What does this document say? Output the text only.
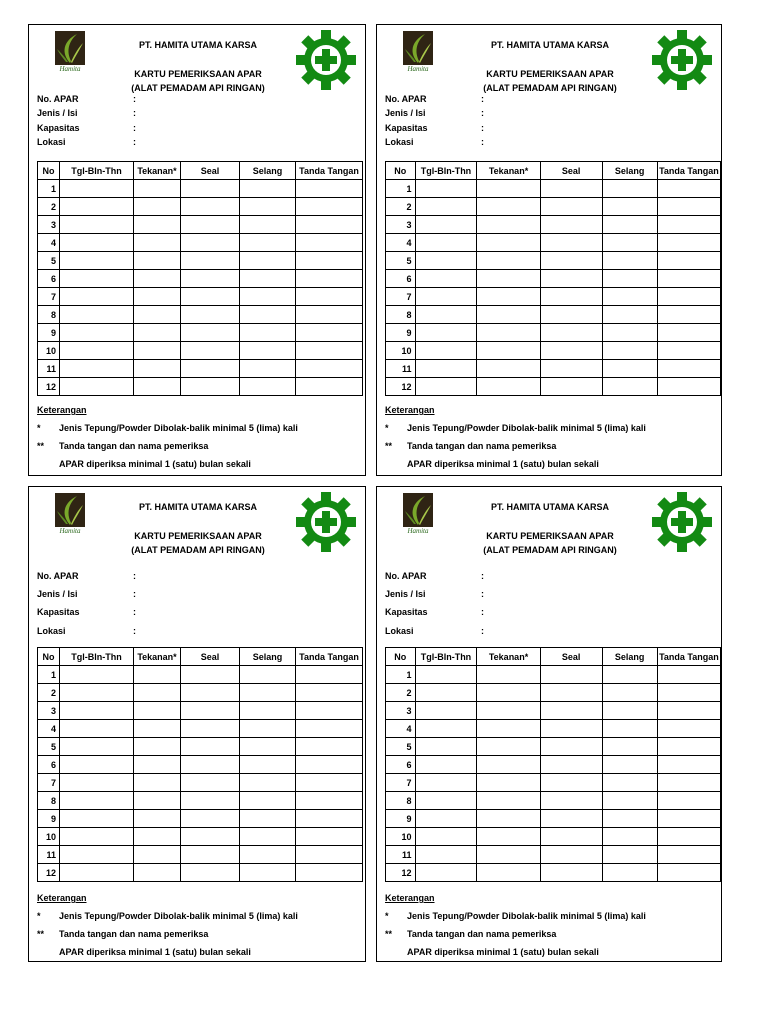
Hamita
PT. HAMITA UTAMA KARSA
KARTU PEMERIKSAAN APAR
(ALAT PEMADAM API RINGAN)
No. APAR	:
Jenis / Isi	:
Kapasitas	:
Lokasi	:
No	Tgl-Bln-Thn	Tekanan*	Seal	Selang	Tanda Tangan
1					
2					
3					
4					
5					
6					
7					
8					
9					
10					
11					
12					
Keterangan
* Jenis Tepung/Powder Dibolak-balik minimal 5 (lima) kali
** Tanda tangan dan nama pemeriksa
APAR diperiksa minimal 1 (satu) bulan sekali
Hamita
PT. HAMITA UTAMA KARSA
KARTU PEMERIKSAAN APAR
(ALAT PEMADAM API RINGAN)
No. APAR	:
Jenis / Isi	:
Kapasitas	:
Lokasi	:
No	Tgl-Bln-Thn	Tekanan*	Seal	Selang	Tanda Tangan
1					
2					
3					
4					
5					
6					
7					
8					
9					
10					
11					
12					
Keterangan
* Jenis Tepung/Powder Dibolak-balik minimal 5 (lima) kali
** Tanda tangan dan nama pemeriksa
APAR diperiksa minimal 1 (satu) bulan sekali
Hamita
PT. HAMITA UTAMA KARSA
KARTU PEMERIKSAAN APAR
(ALAT PEMADAM API RINGAN)
No. APAR	:
Jenis / Isi	:
Kapasitas	:
Lokasi	:
No	Tgl-Bln-Thn	Tekanan*	Seal	Selang	Tanda Tangan
1					
2					
3					
4					
5					
6					
7					
8					
9					
10					
11					
12					
Keterangan
* Jenis Tepung/Powder Dibolak-balik minimal 5 (lima) kali
** Tanda tangan dan nama pemeriksa
APAR diperiksa minimal 1 (satu) bulan sekali
Hamita
PT. HAMITA UTAMA KARSA
KARTU PEMERIKSAAN APAR
(ALAT PEMADAM API RINGAN)
No. APAR	:
Jenis / Isi	:
Kapasitas	:
Lokasi	:
No	Tgl-Bln-Thn	Tekanan*	Seal	Selang	Tanda Tangan
1					
2					
3					
4					
5					
6					
7					
8					
9					
10					
11					
12					
Keterangan
* Jenis Tepung/Powder Dibolak-balik minimal 5 (lima) kali
** Tanda tangan dan nama pemeriksa
APAR diperiksa minimal 1 (satu) bulan sekali
